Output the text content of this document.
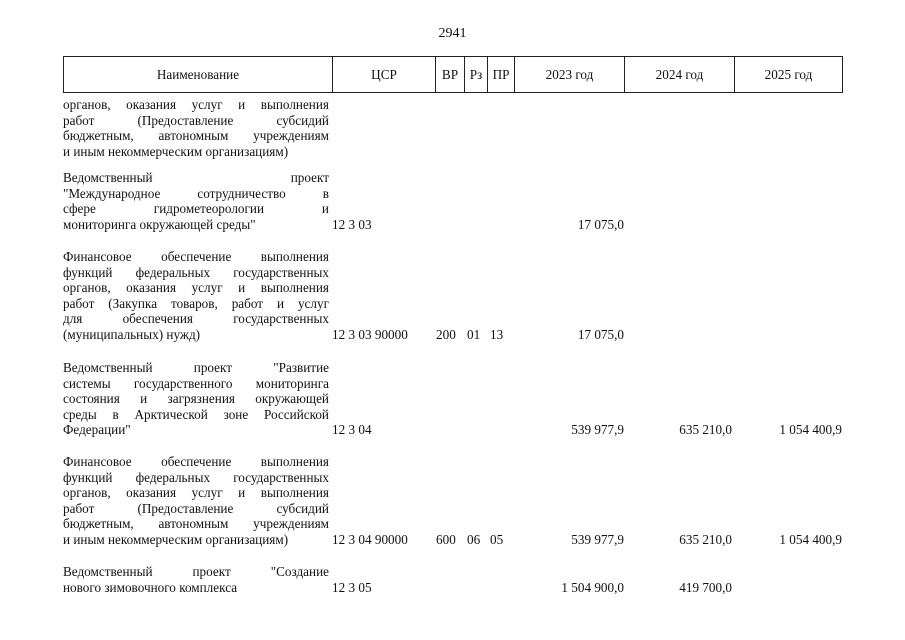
2941
Наименование	ЦСР	ВР Рз ПР	2023 год	2024 год	2025 год
органов, оказания услуг и выполнения
работ (Предоставление субсидий
бюджетным, автономным учреждениям
и иным некоммерческим организациям)
Ведомственный проект
"Международное сотрудничество в
сфере гидрометеорологии и
мониторинга окружающей среды"	12 3 03	17 075,0
Финансовое обеспечение выполнения
функций федеральных государственных
органов, оказания услуг и выполнения
работ (Закупка товаров, работ и услуг
для обеспечения государственных
(муниципальных) нужд)	12 3 03 90000 200 01 13	17 075,0
Ведомственный проект "Развитие
системы государственного мониторинга
состояния и загрязнения окружающей
среды в Арктической зоне Российской
Федерации"	12 3 04	539 977,9	635 210,0	1 054 400,9
Финансовое обеспечение выполнения
функций федеральных государственных
органов, оказания услуг и выполнения
работ (Предоставление субсидий
бюджетным, автономным учреждениям
и иным некоммерческим организациям)	12 3 04 90000 600 06 05	539 977,9	635 210,0	1 054 400,9
Ведомственный проект "Создание
нового зимовочного комплекса	12 3 05	1 504 900,0	419 700,0
